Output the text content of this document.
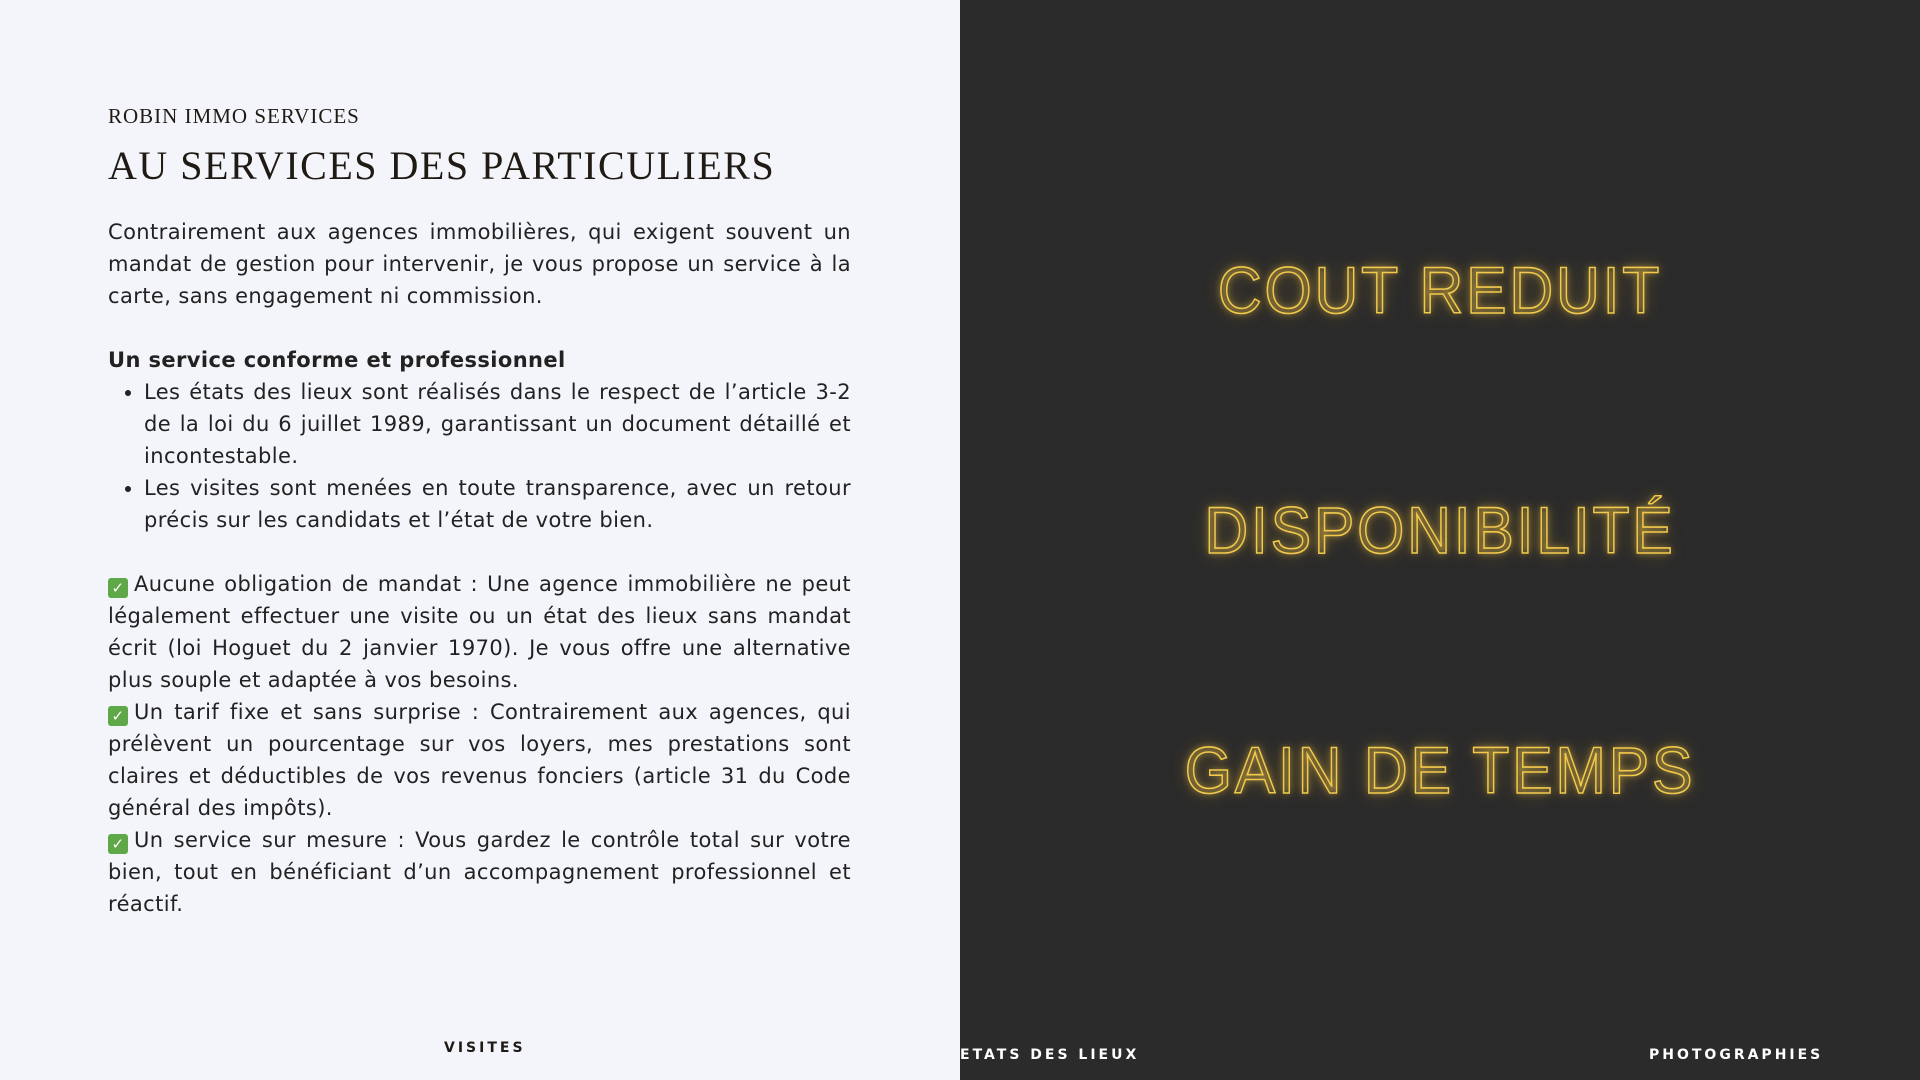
ROBIN IMMO SERVICES
AU SERVICES DES PARTICULIERS

Contrairement aux agences immobilières, qui exigent souvent un mandat de gestion pour intervenir, je vous propose un service à la carte, sans engagement ni commission.

Un service conforme et professionnel

• Les états des lieux sont réalisés dans le respect de l’article 3-2 de la loi du 6 juillet 1989, garantissant un document détaillé et incontestable.
• Les visites sont menées en toute transparence, avec un retour précis sur les candidats et l’état de votre bien.

✓ Aucune obligation de mandat : Une agence immobilière ne peut légalement effectuer une visite ou un état des lieux sans mandat écrit (loi Hoguet du 2 janvier 1970). Je vous offre une alternative plus souple et adaptée à vos besoins.

✓ Un tarif fixe et sans surprise : Contrairement aux agences, qui prélèvent un pourcentage sur vos loyers, mes prestations sont claires et déductibles de vos revenus fonciers (article 31 du Code général des impôts).

✓ Un service sur mesure : Vous gardez le contrôle total sur votre bien, tout en bénéficiant d’un accompagnement professionnel et réactif.

VISITES
COUT REDUIT
DISPONIBILITÉ
GAIN DE TEMPS
ETATS DES LIEUX	PHOTOGRAPHIES
